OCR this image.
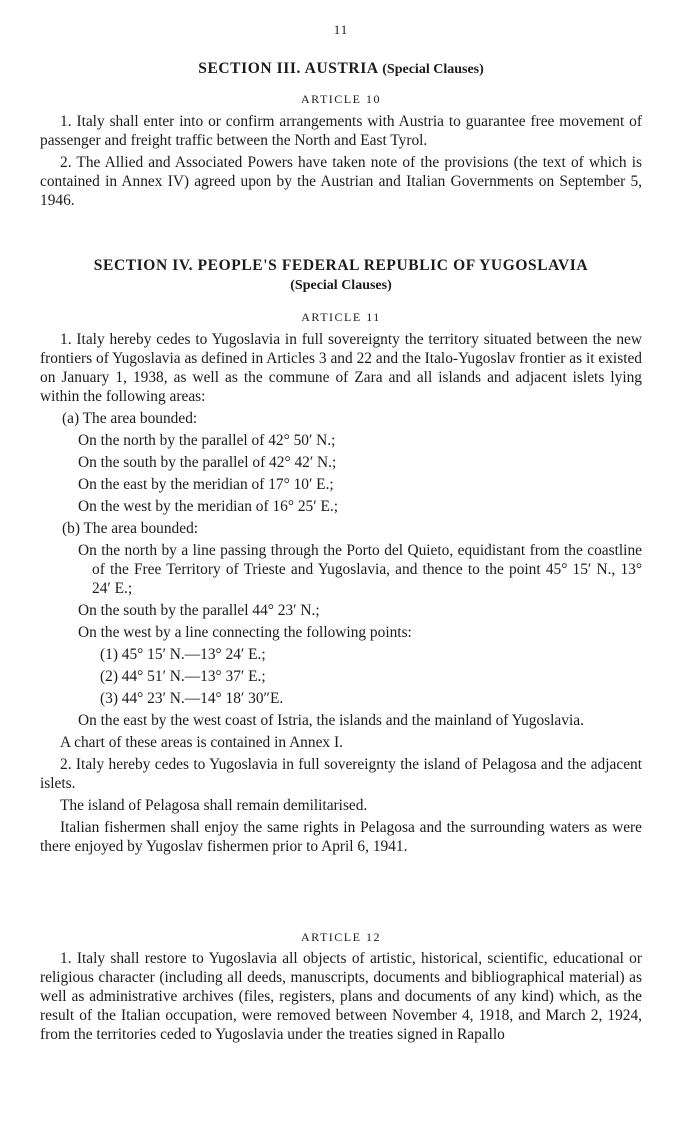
11
SECTION III. AUSTRIA (Special Clauses)
ARTICLE 10

1. Italy shall enter into or confirm arrangements with Austria to guarantee free movement of passenger and freight traffic between the North and East Tyrol.

2. The Allied and Associated Powers have taken note of the provisions (the text of which is contained in Annex IV) agreed upon by the Austrian and Italian Governments on September 5, 1946.

SECTION IV. PEOPLE'S FEDERAL REPUBLIC OF YUGOSLAVIA
(Special Clauses)
ARTICLE 11

1. Italy hereby cedes to Yugoslavia in full sovereignty the territory situated between the new frontiers of Yugoslavia as defined in Articles 3 and 22 and the Italo-Yugoslav frontier as it existed on January 1, 1938, as well as the commune of Zara and all islands and adjacent islets lying within the following areas:

(a) The area bounded:

On the north by the parallel of 42° 50′ N.;

On the south by the parallel of 42° 42′ N.;

On the east by the meridian of 17° 10′ E.;

On the west by the meridian of 16° 25′ E.;

(b) The area bounded:

On the north by a line passing through the Porto del Quieto, equidistant from the coastline of the Free Territory of Trieste and Yugoslavia, and thence to the point 45° 15′ N., 13° 24′ E.;

On the south by the parallel 44° 23′ N.;

On the west by a line connecting the following points:

(1) 45° 15′ N.—13° 24′ E.;

(2) 44° 51′ N.—13° 37′ E.;

(3) 44° 23′ N.—14° 18′ 30″E.

On the east by the west coast of Istria, the islands and the mainland of Yugoslavia.

A chart of these areas is contained in Annex I.

2. Italy hereby cedes to Yugoslavia in full sovereignty the island of Pelagosa and the adjacent islets.

The island of Pelagosa shall remain demilitarised.

Italian fishermen shall enjoy the same rights in Pelagosa and the surrounding waters as were there enjoyed by Yugoslav fishermen prior to April 6, 1941.

ARTICLE 12

1. Italy shall restore to Yugoslavia all objects of artistic, historical, scientific, educational or religious character (including all deeds, manuscripts, documents and bibliographical material) as well as administrative archives (files, registers, plans and documents of any kind) which, as the result of the Italian occupation, were removed between November 4, 1918, and March 2, 1924, from the territories ceded to Yugoslavia under the treaties signed in Rapallo
